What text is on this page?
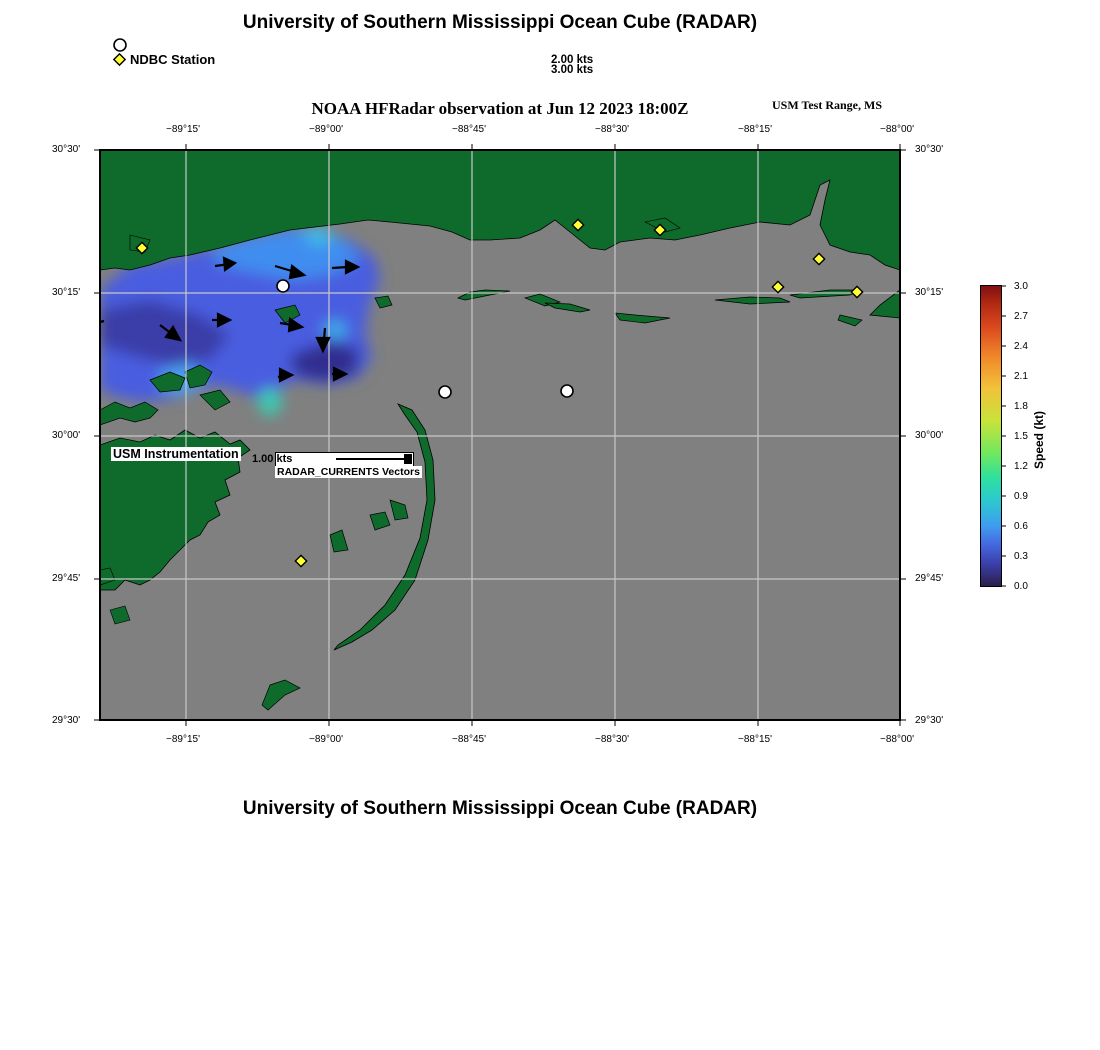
University of Southern Mississippi Ocean Cube (RADAR)
NDBC Station	2.00 kts
3.00 kts
NOAA HFRadar observation at Jun 12 2023 18:00Z	USM Test Range, MS
−89°15'	−89°00'	−88°45'	−88°30'	−88°15'	−88°00'
−89°15'	−89°00'	−88°45'	−88°30'	−88°15'	−88°00'
30°30'
30°15'
30°00'
29°45'
29°30'
30°30'
30°15'
30°00'
29°45'
29°30'
USM Instrumentation 1.00 kts
RADAR_CURRENTS Vectors
3.0
2.7
2.4
2.1
1.8
1.5
1.2
0.9
0.6
0.3
0.0
Speed (kt)
University of Southern Mississippi Ocean Cube (RADAR)
